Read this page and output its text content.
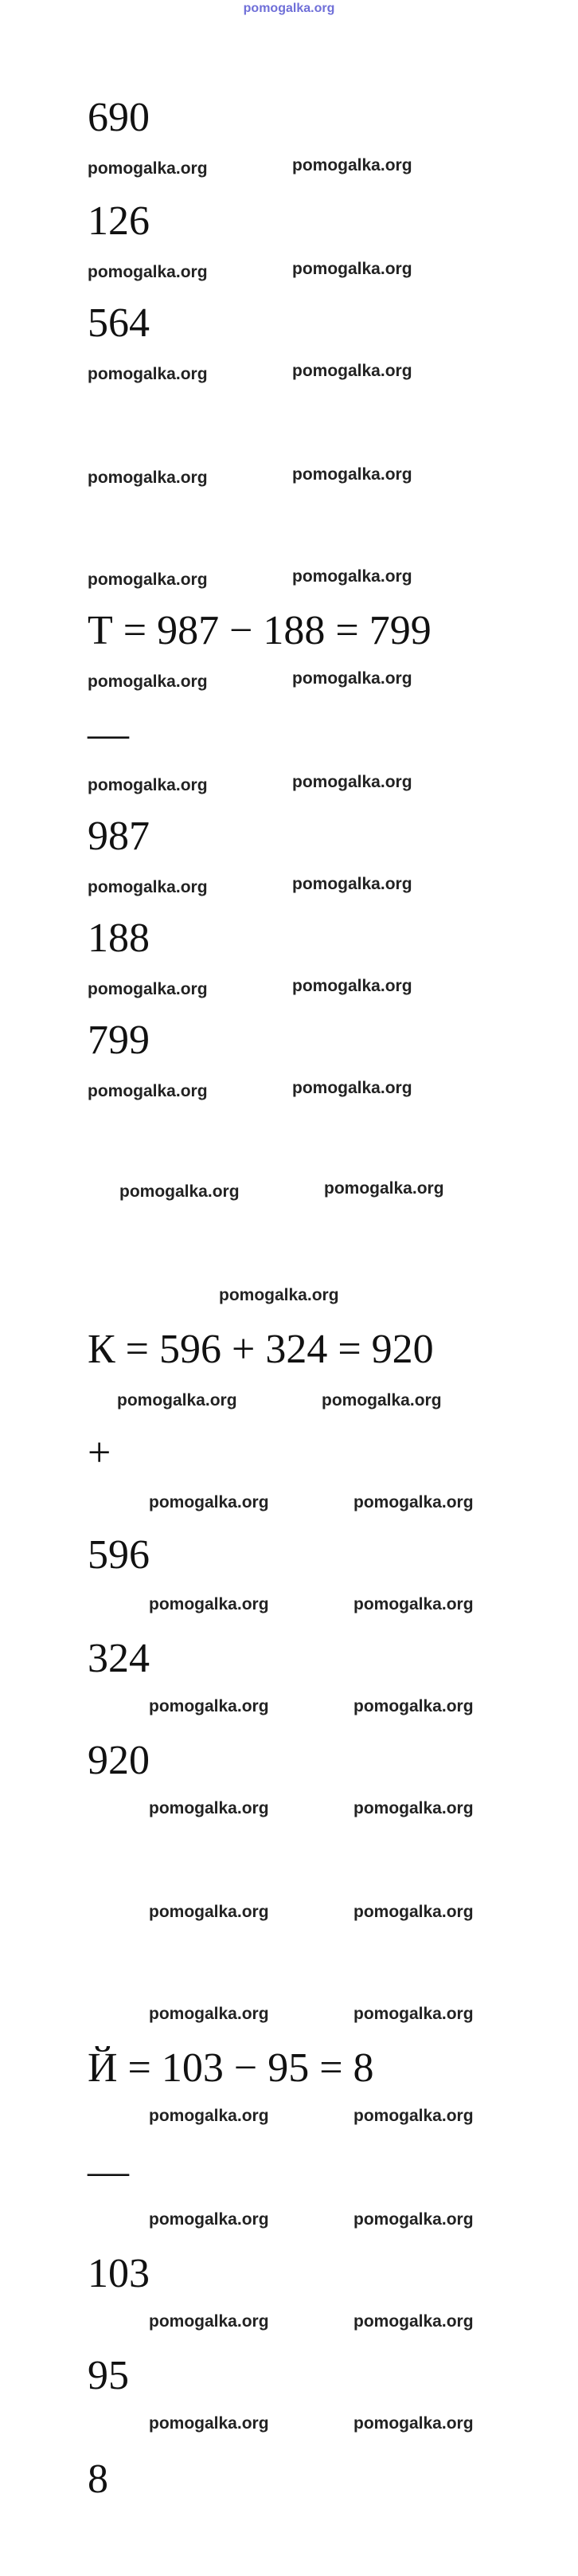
pomogalka.org
690
pomogalka.org	pomogalka.org
126
pomogalka.org	pomogalka.org
564
pomogalka.org	pomogalka.org
pomogalka.org	pomogalka.org
pomogalka.org	pomogalka.org
Т = 987 − 188 = 799
pomogalka.org	pomogalka.org
—
pomogalka.org	pomogalka.org
987
pomogalka.org	pomogalka.org
188
pomogalka.org	pomogalka.org
799
pomogalka.org	pomogalka.org
pomogalka.org	pomogalka.org
pomogalka.org
К = 596 + 324 = 920
pomogalka.org	pomogalka.org
+
pomogalka.org	pomogalka.org
596
pomogalka.org	pomogalka.org
324
pomogalka.org	pomogalka.org
920
pomogalka.org	pomogalka.org
pomogalka.org	pomogalka.org
pomogalka.org	pomogalka.org
Й = 103 − 95 = 8
pomogalka.org	pomogalka.org
—
pomogalka.org	pomogalka.org
103
pomogalka.org	pomogalka.org
95
pomogalka.org	pomogalka.org
8
